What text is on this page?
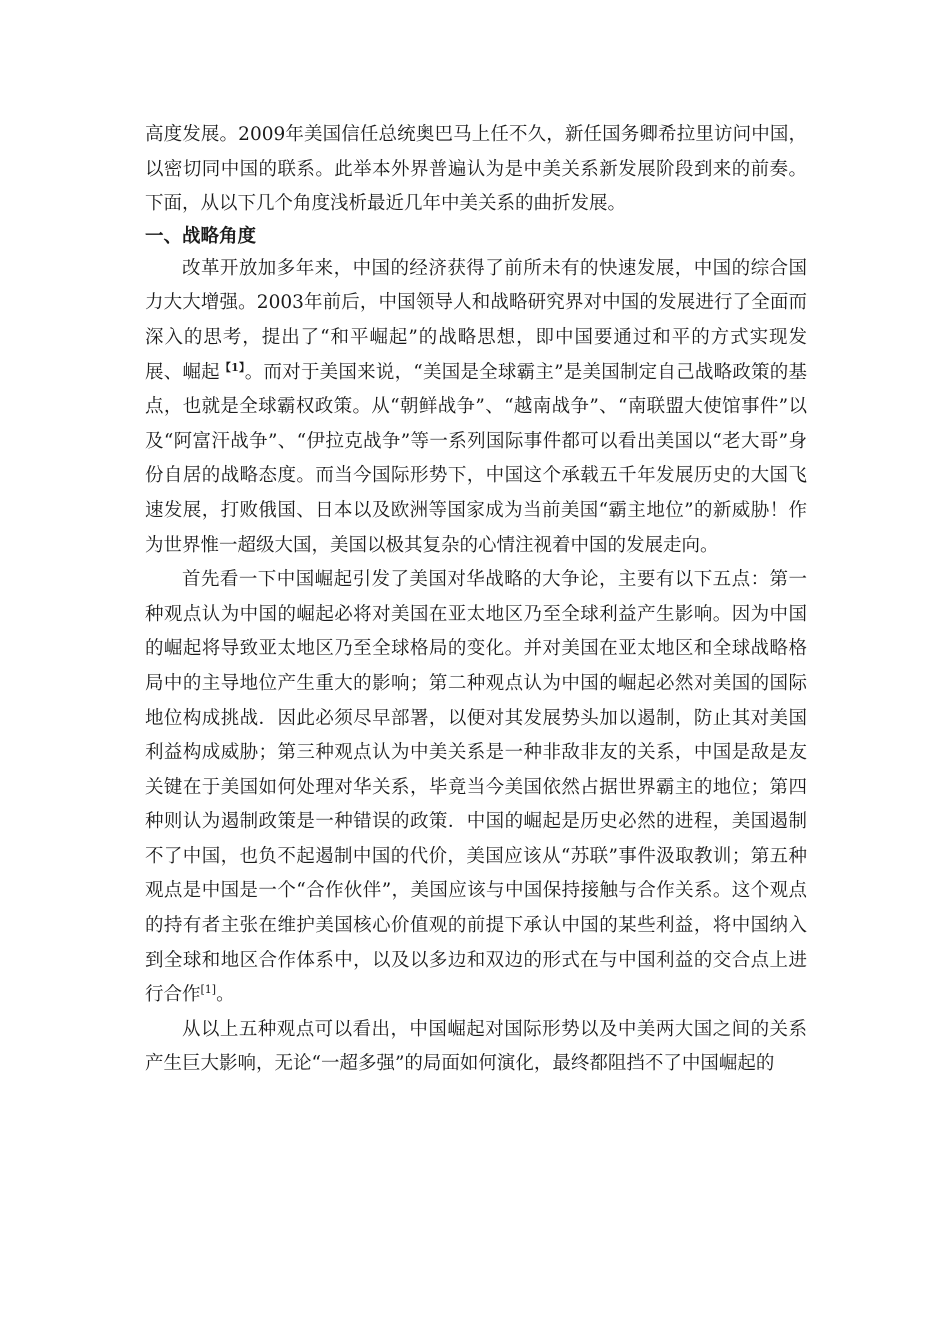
高度发展。2009年美国信任总统奥巴马上任不久，新任国务卿希拉里访问中国，以密切同中国的联系。此举本外界普遍认为是中美关系新发展阶段到来的前奏。下面，从以下几个角度浅析最近几年中美关系的曲折发展。

一、战略角度

改革开放加多年来，中国的经济获得了前所未有的快速发展，中国的综合国力大大增强。2003年前后，中国领导人和战略研究界对中国的发展进行了全面而深入的思考，提出了“和平崛起”的战略思想，即中国要通过和平的方式实现发展、崛起$^{【1】}$。而对于美国来说，“美国是全球霸主”是美国制定自己战略政策的基点，也就是全球霸权政策。从“朝鲜战争”、“越南战争”、“南联盟大使馆事件”以及“阿富汗战争”、“伊拉克战争”等一系列国际事件都可以看出美国以“老大哥”身份自居的战略态度。而当今国际形势下，中国这个承载五千年发展历史的大国飞速发展，打败俄国、日本以及欧洲等国家成为当前美国“霸主地位”的新威胁！作为世界惟一超级大国，美国以极其复杂的心情注视着中国的发展走向。

首先看一下中国崛起引发了美国对华战略的大争论，主要有以下五点：第一种观点认为中国的崛起必将对美国在亚太地区乃至全球利益产生影响。因为中国的崛起将导致亚太地区乃至全球格局的变化。并对美国在亚太地区和全球战略格局中的主导地位产生重大的影响；第二种观点认为中国的崛起必然对美国的国际地位构成挑战．因此必须尽早部署，以便对其发展势头加以遏制，防止其对美国利益构成威胁；第三种观点认为中美关系是一种非敌非友的关系，中国是敌是友关键在于美国如何处理对华关系，毕竟当今美国依然占据世界霸主的地位；第四种则认为遏制政策是一种错误的政策．中国的崛起是历史必然的进程，美国遏制不了中国，也负不起遏制中国的代价，美国应该从“苏联”事件汲取教训；第五种观点是中国是一个“合作伙伴”，美国应该与中国保持接触与合作关系。这个观点的持有者主张在维护美国核心价值观的前提下承认中国的某些利益，将中国纳入到全球和地区合作体系中，以及以多边和双边的形式在与中国利益的交合点上进行合作[1]。

从以上五种观点可以看出，中国崛起对国际形势以及中美两大国之间的关系产生巨大影响，无论“一超多强”的局面如何演化，最终都阻挡不了中国崛起的
